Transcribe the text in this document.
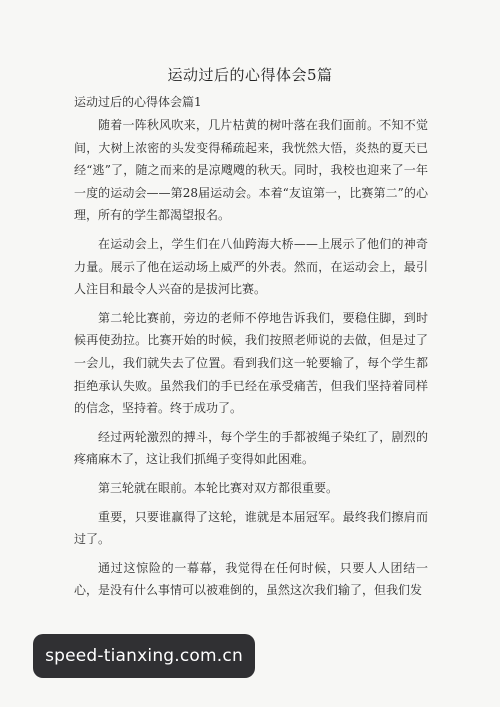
运动过后的心得体会5篇
运动过后的心得体会篇1

随着一阵秋风吹来，几片枯黄的树叶落在我们面前。不知不觉间，大树上浓密的头发变得稀疏起来，我恍然大悟，炎热的夏天已经“逃”了，随之而来的是凉飕飕的秋天。同时，我校也迎来了一年一度的运动会——第28届运动会。本着“友谊第一，比赛第二”的心理，所有的学生都渴望报名。

在运动会上，学生们在八仙跨海大桥——上展示了他们的神奇力量。展示了他在运动场上威严的外表。然而，在运动会上，最引人注目和最令人兴奋的是拔河比赛。

第二轮比赛前，旁边的老师不停地告诉我们，要稳住脚，到时候再使劲拉。比赛开始的时候，我们按照老师说的去做，但是过了一会儿，我们就失去了位置。看到我们这一轮要输了，每个学生都拒绝承认失败。虽然我们的手已经在承受痛苦，但我们坚持着同样的信念，坚持着。终于成功了。

经过两轮激烈的搏斗，每个学生的手都被绳子染红了，剧烈的疼痛麻木了，这让我们抓绳子变得如此困难。

第三轮就在眼前。本轮比赛对双方都很重要。

重要，只要谁赢得了这轮，谁就是本届冠军。最终我们擦肩而过了。

通过这惊险的一幕幕，我觉得在任何时候，只要人人团结一心，是没有什么事情可以被难倒的，虽然这次我们输了，但我们发

speed-tianxing.com.cn
